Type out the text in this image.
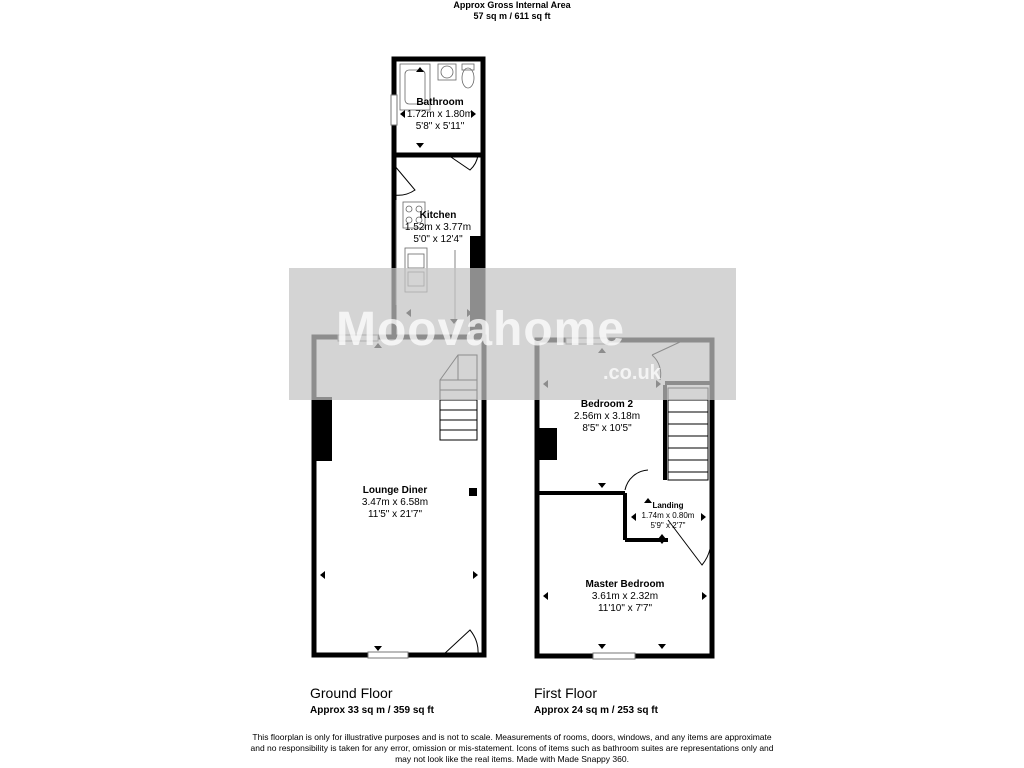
Approx Gross Internal Area
57 sq m / 611 sq ft
Moovahome
.co.uk
Bathroom
1.72m x 1.80m
5'8" x 5'11"
Kitchen
1.52m x 3.77m
5'0" x 12'4"
Lounge Diner
3.47m x 6.58m
11'5" x 21'7"
Bedroom 2
2.56m x 3.18m
8'5" x 10'5"
Landing
1.74m x 0.80m
5'9" x 2'7"
Master Bedroom
3.61m x 2.32m
11'10" x 7'7"
Ground Floor
Approx 33 sq m / 359 sq ft
First Floor
Approx 24 sq m / 253 sq ft
This floorplan is only for illustrative purposes and is not to scale. Measurements of rooms, doors, windows, and any items are approximate
and no responsibility is taken for any error, omission or mis-statement. Icons of items such as bathroom suites are representations only and
may not look like the real items. Made with Made Snappy 360.
